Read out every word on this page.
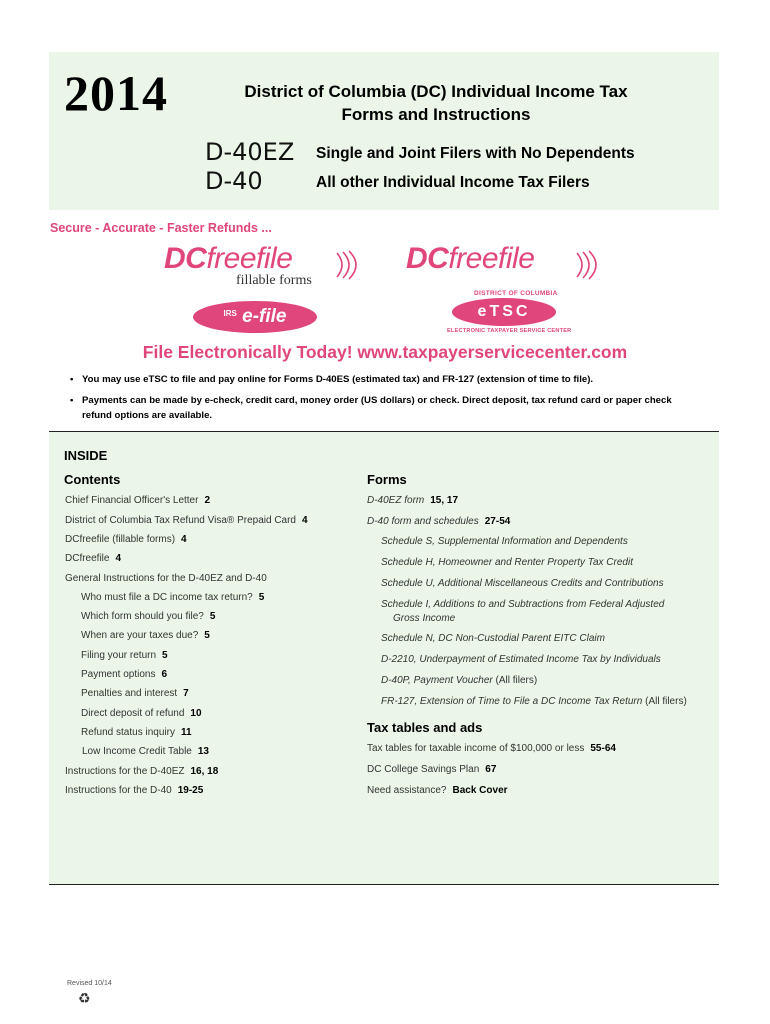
2014	District of Columbia (DC) Individual Income Tax
Forms and Instructions
D-40EZ Single and Joint Filers with No Dependents
D-40	All other Individual Income Tax Filers
Secure - Accurate - Faster Refunds ...
DCfreefile
fillable forms
DCfreefile
$^{IRS}$ e-file
DISTRICT OF COLUMBIA
eTSC
ELECTRONIC TAXPAYER SERVICE CENTER
File Electronically Today! www.taxpayerservicecenter.com
• You may use eTSC to file and pay online for Forms D-40ES (estimated tax) and FR-127 (extension of time to file).
• Payments can be made by e-check, credit card, money order (US dollars) or check. Direct deposit, tax refund card or paper check refund options are available.
INSIDE
Contents	Forms
Chief Financial Officer's Letter 2
District of Columbia Tax Refund Visa® Prepaid Card 4
DCfreefile (fillable forms) 4
DCfreefile 4
General Instructions for the D-40EZ and D-40
Who must file a DC income tax return? 5
Which form should you file? 5
When are your taxes due? 5
Filing your return 5
Payment options 6
Penalties and interest 7
Direct deposit of refund 10
Refund status inquiry 11
Low Income Credit Table 13
Instructions for the D-40EZ 16, 18
Instructions for the D-40 19-25
D-40EZ form 15, 17
D-40 form and schedules 27-54
Schedule S, Supplemental Information and Dependents
Schedule H, Homeowner and Renter Property Tax Credit
Schedule U, Additional Miscellaneous Credits and Contributions
Schedule I, Additions to and Subtractions from Federal Adjusted
Gross Income
Schedule N, DC Non-Custodial Parent EITC Claim
D-2210, Underpayment of Estimated Income Tax by Individuals
D-40P, Payment Voucher (All filers)
FR-127, Extension of Time to File a DC Income Tax Return (All filers)
Tax tables and ads
Tax tables for taxable income of $100,000 or less 55-64
DC College Savings Plan 67
Need assistance? Back Cover
Revised 10/14
♻
